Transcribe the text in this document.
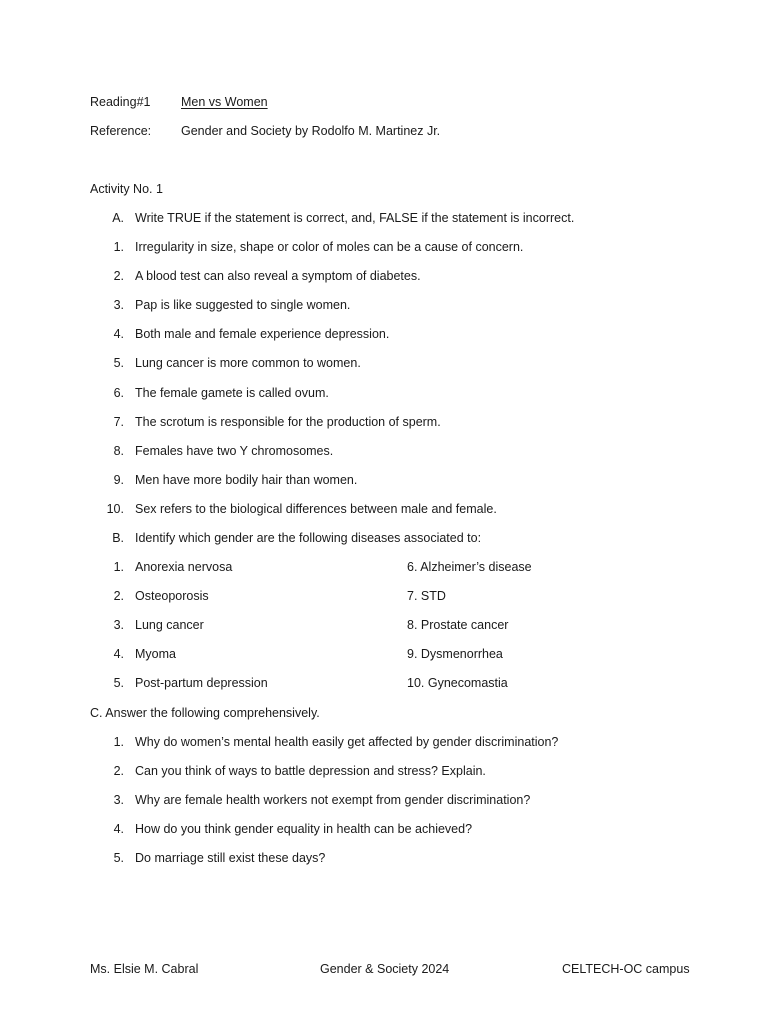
Reading#1 Men vs Women
Reference: Gender and Society by Rodolfo M. Martinez Jr.
Activity No. 1
A. Write TRUE if the statement is correct, and, FALSE if the statement is incorrect.
1. Irregularity in size, shape or color of moles can be a cause of concern.
2. A blood test can also reveal a symptom of diabetes.
3. Pap is like suggested to single women.
4. Both male and female experience depression.
5. Lung cancer is more common to women.
6. The female gamete is called ovum.
7. The scrotum is responsible for the production of sperm.
8. Females have two Y chromosomes.
9. Men have more bodily hair than women.
10. Sex refers to the biological differences between male and female.
B. Identify which gender are the following diseases associated to:
1. Anorexia nervosa
2. Osteoporosis
3. Lung cancer
4. Myoma
5. Post-partum depression
6. Alzheimer’s disease
7. STD
8. Prostate cancer
9. Dysmenorrhea
10. Gynecomastia
C. Answer the following comprehensively.
1. Why do women’s mental health easily get affected by gender discrimination?
2. Can you think of ways to battle depression and stress? Explain.
3. Why are female health workers not exempt from gender discrimination?
4. How do you think gender equality in health can be achieved?
5. Do marriage still exist these days?
Ms. Elsie M. Cabral	Gender & Society 2024	CELTECH-OC campus
